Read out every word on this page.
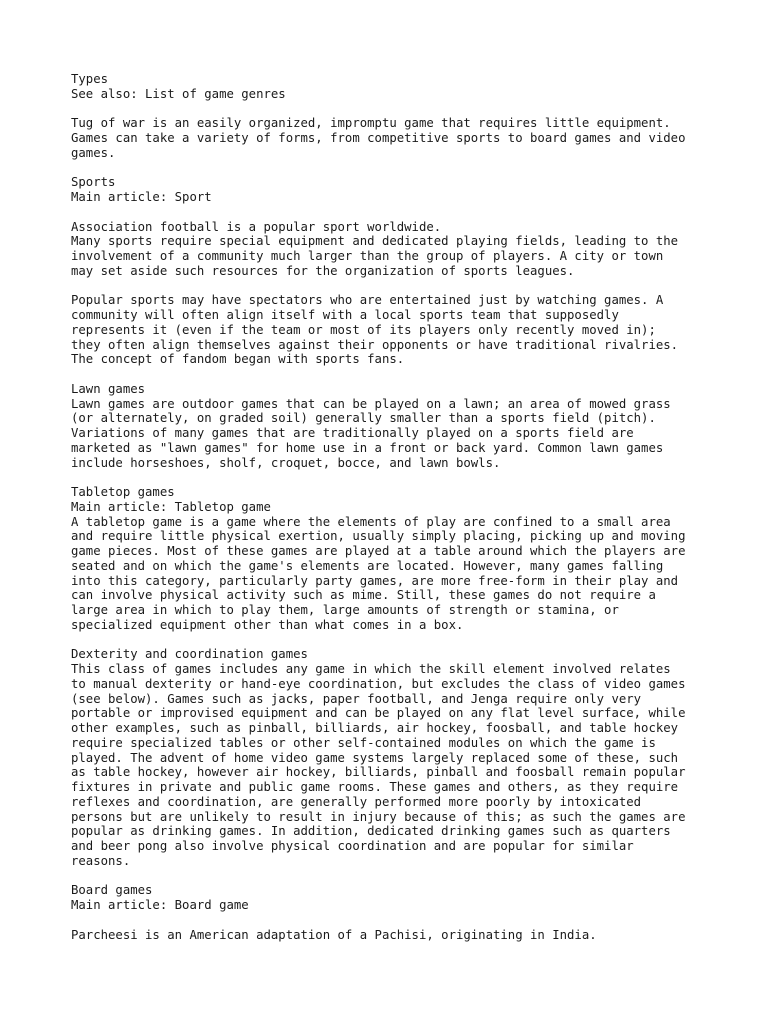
Types
See also: List of game genres
Tug of war is an easily organized, impromptu game that requires little equipment.
Games can take a variety of forms, from competitive sports to board games and video
games.
Sports
Main article: Sport
Association football is a popular sport worldwide.
Many sports require special equipment and dedicated playing fields, leading to the
involvement of a community much larger than the group of players. A city or town
may set aside such resources for the organization of sports leagues.
Popular sports may have spectators who are entertained just by watching games. A
community will often align itself with a local sports team that supposedly
represents it (even if the team or most of its players only recently moved in);
they often align themselves against their opponents or have traditional rivalries.
The concept of fandom began with sports fans.
Lawn games
Lawn games are outdoor games that can be played on a lawn; an area of mowed grass
(or alternately, on graded soil) generally smaller than a sports field (pitch).
Variations of many games that are traditionally played on a sports field are
marketed as "lawn games" for home use in a front or back yard. Common lawn games
include horseshoes, sholf, croquet, bocce, and lawn bowls.
Tabletop games
Main article: Tabletop game
A tabletop game is a game where the elements of play are confined to a small area
and require little physical exertion, usually simply placing, picking up and moving
game pieces. Most of these games are played at a table around which the players are
seated and on which the game's elements are located. However, many games falling
into this category, particularly party games, are more free-form in their play and
can involve physical activity such as mime. Still, these games do not require a
large area in which to play them, large amounts of strength or stamina, or
specialized equipment other than what comes in a box.
Dexterity and coordination games
This class of games includes any game in which the skill element involved relates
to manual dexterity or hand-eye coordination, but excludes the class of video games
(see below). Games such as jacks, paper football, and Jenga require only very
portable or improvised equipment and can be played on any flat level surface, while
other examples, such as pinball, billiards, air hockey, foosball, and table hockey
require specialized tables or other self-contained modules on which the game is
played. The advent of home video game systems largely replaced some of these, such
as table hockey, however air hockey, billiards, pinball and foosball remain popular
fixtures in private and public game rooms. These games and others, as they require
reflexes and coordination, are generally performed more poorly by intoxicated
persons but are unlikely to result in injury because of this; as such the games are
popular as drinking games. In addition, dedicated drinking games such as quarters
and beer pong also involve physical coordination and are popular for similar
reasons.
Board games
Main article: Board game
Parcheesi is an American adaptation of a Pachisi, originating in India.
